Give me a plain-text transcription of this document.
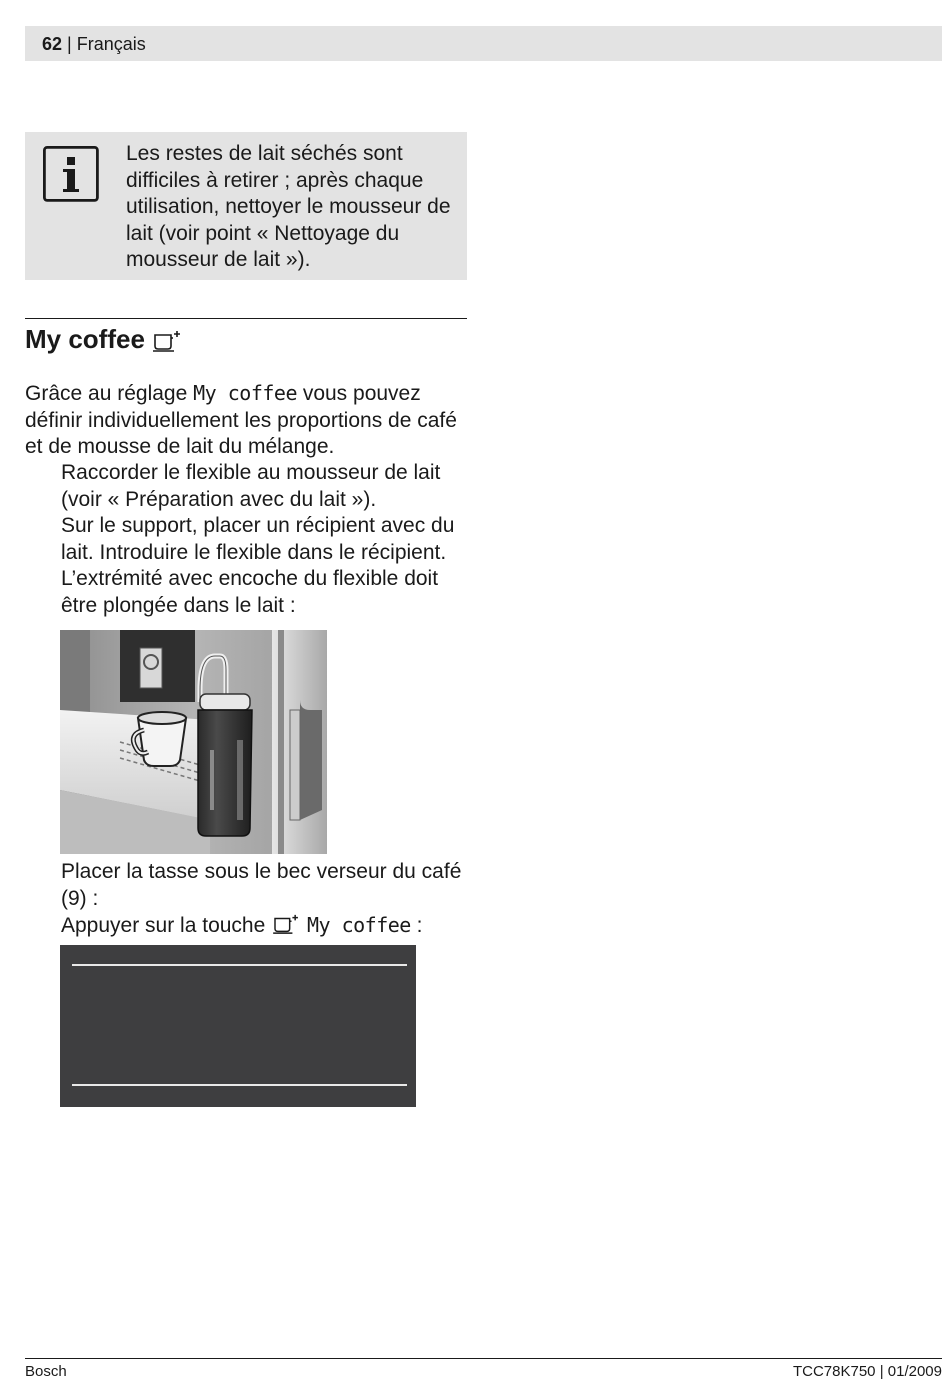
62 | Français

Les restes de lait séchés sont difficiles à retirer ; après chaque utilisation, nettoyer le mousseur de lait (voir point « Nettoyage du mousseur de lait »).

My coffee

Grâce au réglage My coffee vous pouvez définir individuellement les proportions de café et de mousse de lait du mélange.

Raccorder le flexible au mousseur de lait (voir « Préparation avec du lait »).

Sur le support, placer un récipient avec du lait. Introduire le flexible dans le récipient. L’extrémité avec encoche du flexible doit être plongée dans le lait :

Placer la tasse sous le bec verseur du café (9) :

Appuyer sur la touche  My coffee :

Bosch	TCC78K750 | 01/2009
